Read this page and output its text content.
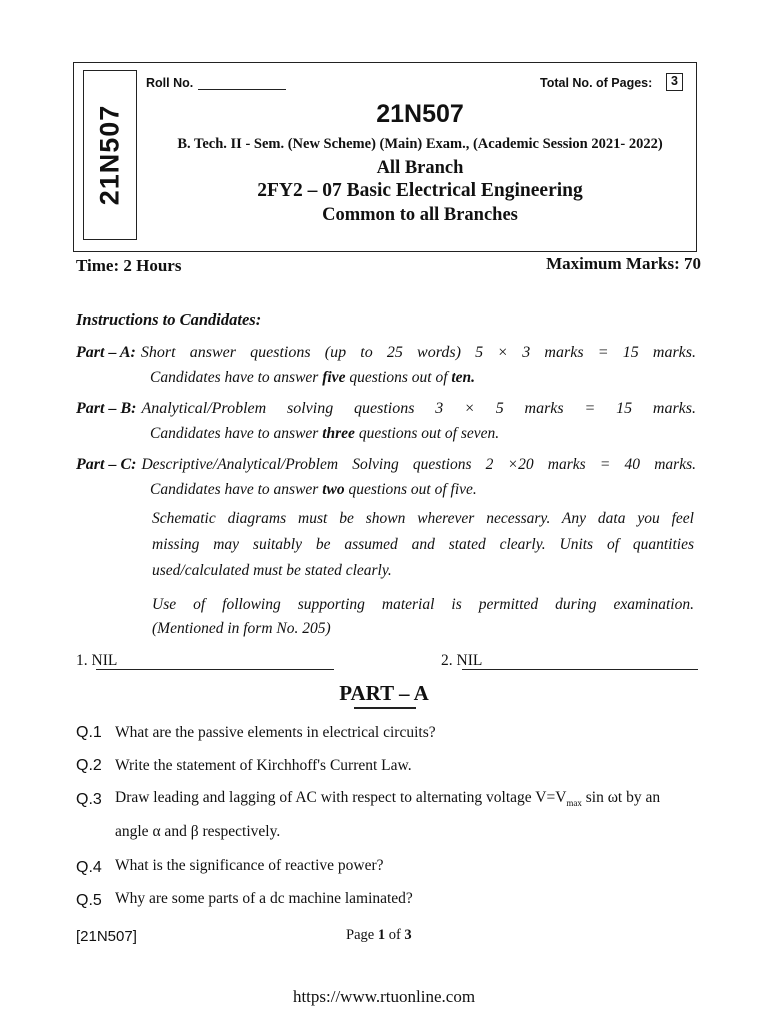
21N507
Roll No.	Total No. of Pages:	3
21N507
B. Tech. II - Sem. (New Scheme) (Main) Exam., (Academic Session 2021- 2022)
All Branch
2FY2 – 07 Basic Electrical Engineering
Common to all Branches
Time: 2 Hours	Maximum Marks: 70
Instructions to Candidates:
Part – A: Short answer questions (up to 25 words) 5 × 3 marks = 15 marks.
Candidates have to answer five questions out of ten.
Part – B: Analytical/Problem solving questions 3 × 5 marks = 15 marks.
Candidates have to answer three questions out of seven.
Part – C: Descriptive/Analytical/Problem Solving questions 2 ×20 marks = 40 marks.
Candidates have to answer two questions out of five.
Schematic diagrams must be shown wherever necessary. Any data you feel
missing may suitably be assumed and stated clearly. Units of quantities
used/calculated must be stated clearly.
Use of following supporting material is permitted during examination.
(Mentioned in form No. 205)
1. NIL	2. NIL
PART – A
Q.1 What are the passive elements in electrical circuits?
Q.2 Write the statement of Kirchhoff's Current Law.
Q.3 Draw leading and lagging of AC with respect to alternating voltage $V=V_{max}$ sin ωt by an
angle α and β respectively.
Q.4 What is the significance of reactive power?
Q.5 Why are some parts of a dc machine laminated?
[21N507]	Page 1 of 3
https://www.rtuonline.com
